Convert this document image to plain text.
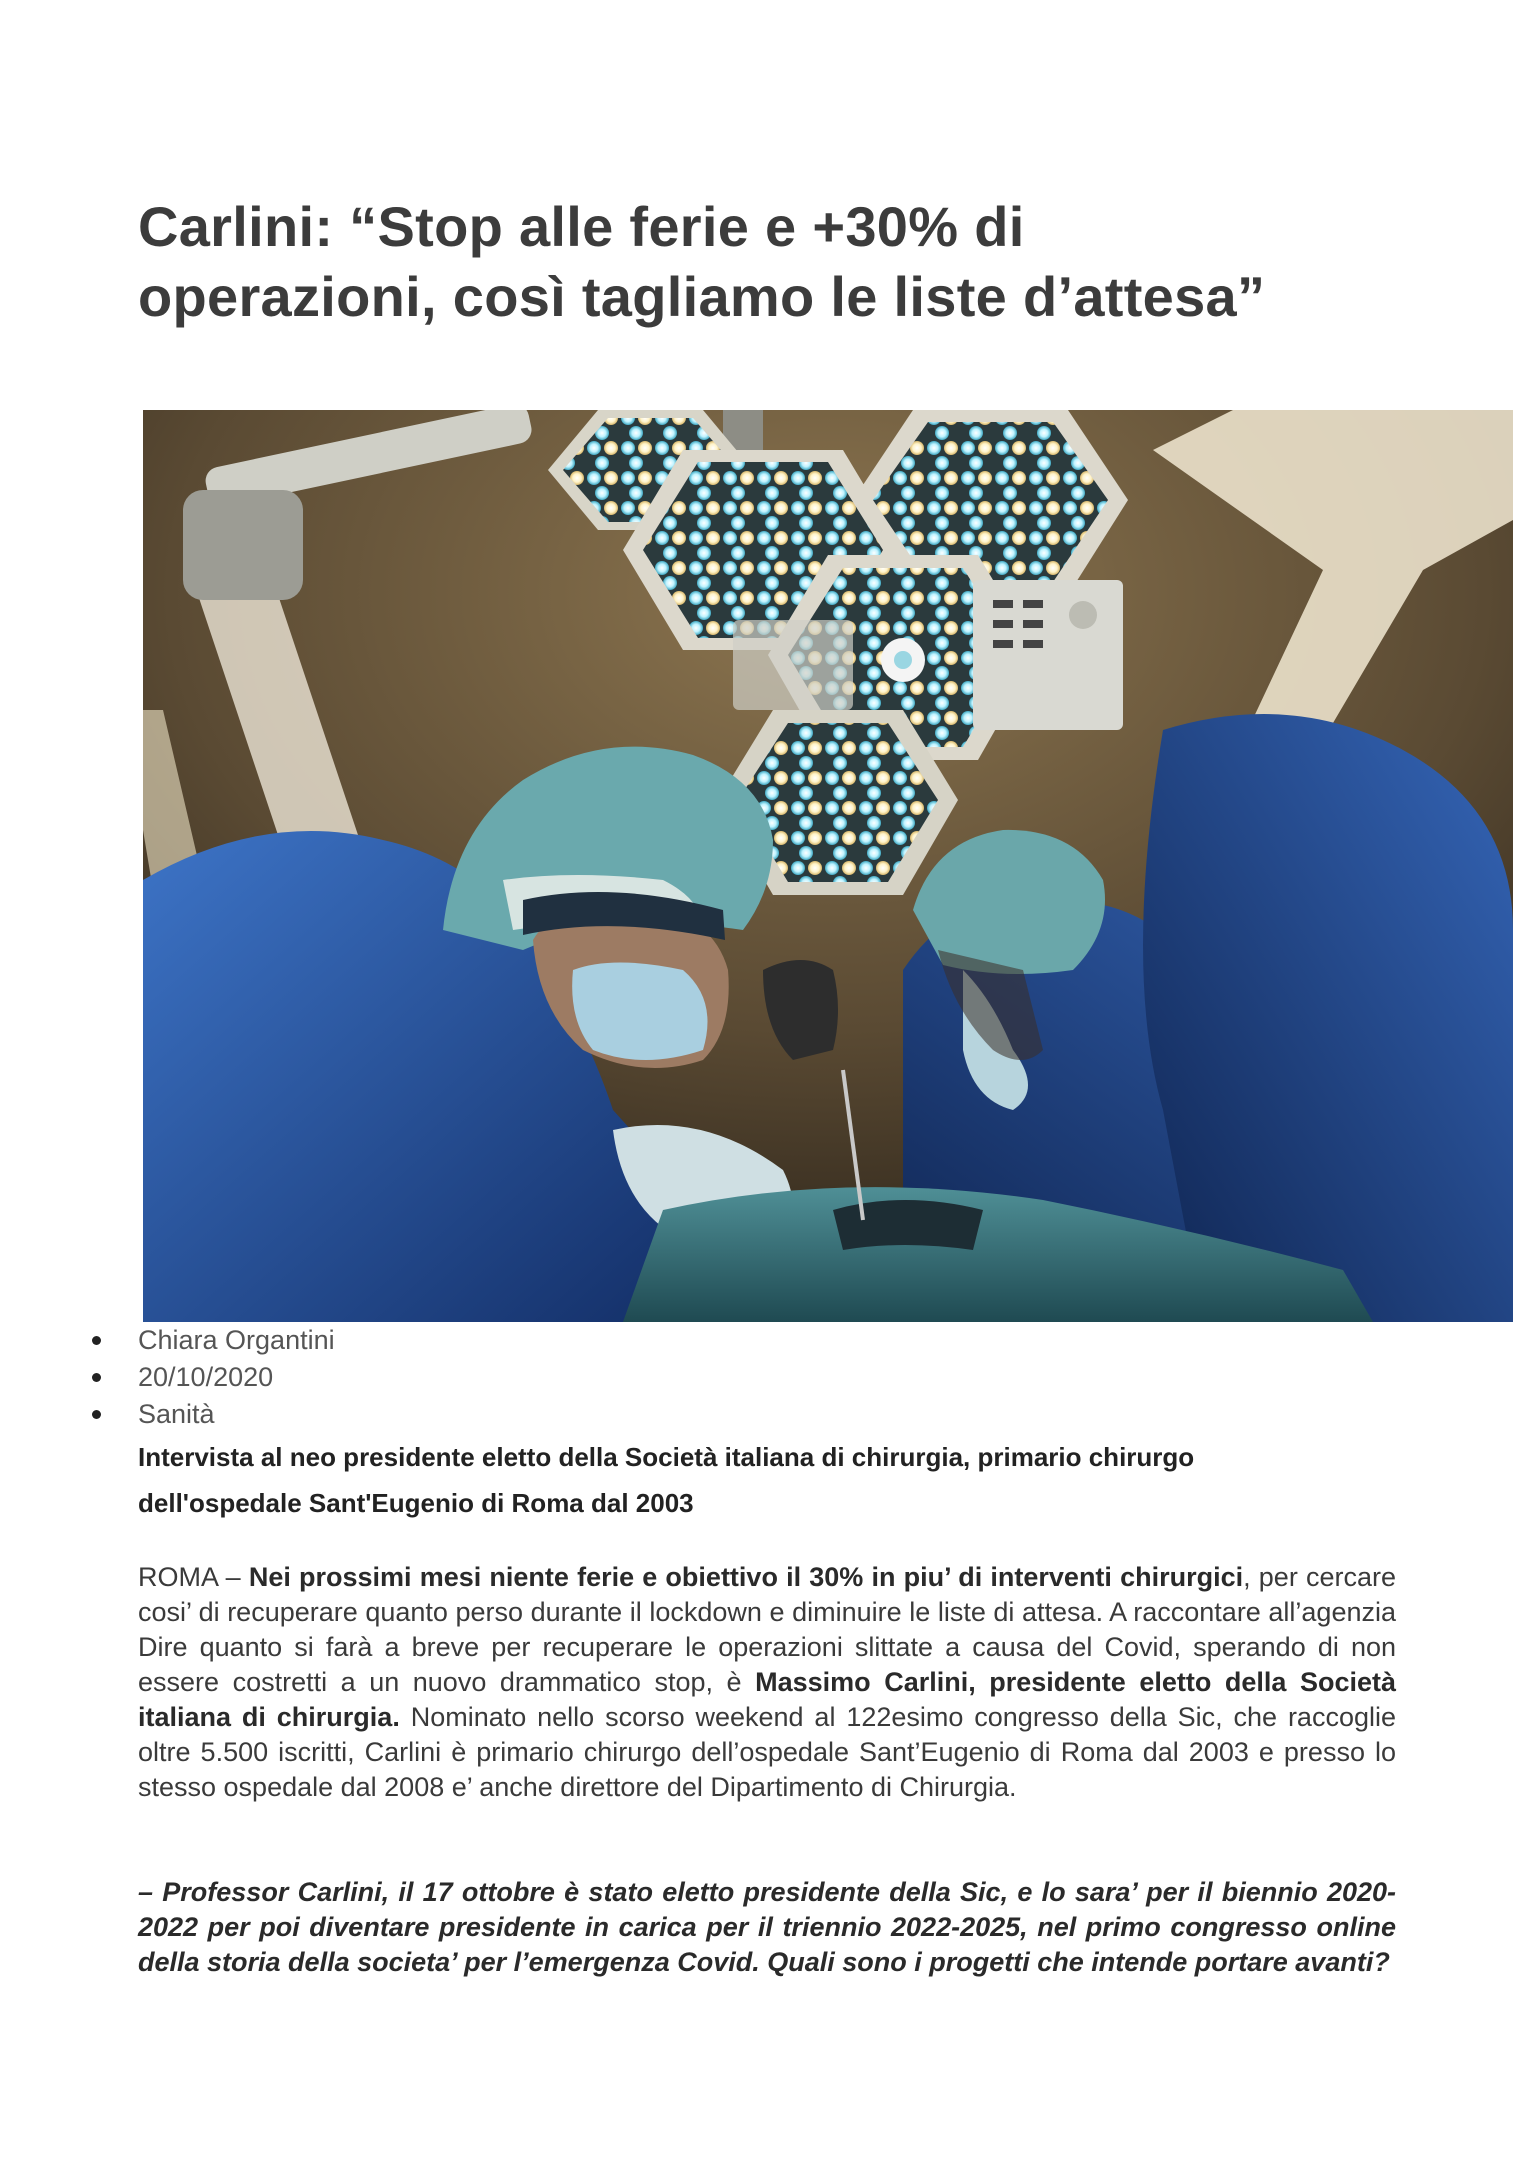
Carlini: “Stop alle ferie e +30% di
operazioni, così tagliamo le liste d’attesa”
Chiara Organtini
20/10/2020
Sanità
Intervista al neo presidente eletto della Società italiana di chirurgia, primario chirurgo
dell'ospedale Sant'Eugenio di Roma dal 2003

ROMA – Nei prossimi mesi niente ferie e obiettivo il 30% in piu’ di interventi chirurgici, per cercare cosi’ di recuperare quanto perso durante il lockdown e diminuire le liste di attesa. A raccontare all’agenzia Dire quanto si farà a breve per recuperare le operazioni slittate a causa del Covid, sperando di non essere costretti a un nuovo drammatico stop, è Massimo Carlini, presidente eletto della Società italiana di chirurgia. Nominato nello scorso weekend al 122esimo congresso della Sic, che raccoglie oltre 5.500 iscritti, Carlini è primario chirurgo dell’ospedale Sant’Eugenio di Roma dal 2003 e presso lo stesso ospedale dal 2008 e’ anche direttore del Dipartimento di Chirurgia.

– Professor Carlini, il 17 ottobre è stato eletto presidente della Sic, e lo sara’ per il biennio 2020-2022 per poi diventare presidente in carica per il triennio 2022-2025, nel primo congresso online della storia della societa’ per l’emergenza Covid. Quali sono i progetti che intende portare avanti?
